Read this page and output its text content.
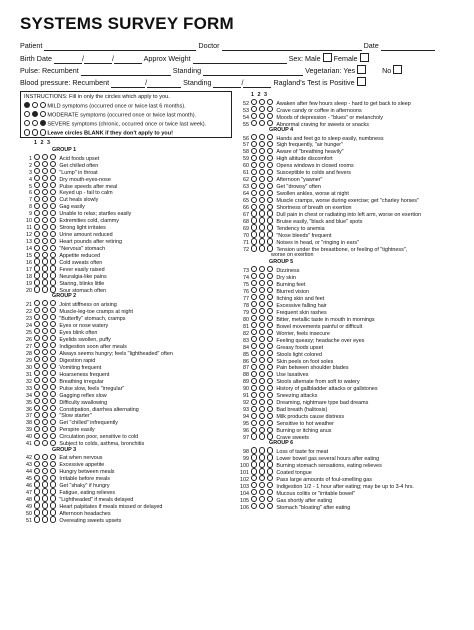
SYSTEMS SURVEY FORM
Patient	Doctor	Date
Birth Date	/	/	Approx Weight	Sex: Male Female
Pulse: Recumbent	Standing	Vegetarian: Yes	No
Blood pressure: Recumbent	/	Standing	/	Ragland's Test is Positive
INSTRUCTIONS: Fill in only the circles which apply to you.
MILD symptoms (occurred once or twice last 6 months).
MODERATE symptoms (occurred once or twice last month).
SEVERE symptoms (chronic, occurred once or twice last week).
Leave circles BLANK if they don't apply to you!
1 2 3
GROUP 1
1	Acid foods upset
2	Get chilled often
3	"Lump" in throat
4	Dry mouth-eyes-nose
5	Pulse speeds after meal
6	Keyed up - fail to calm
7	Cut heals slowly
8	Gag easily
9	Unable to relax; startles easily
10	Extremities cold, clammy
11	Strong light irritates
12	Urine amount reduced
13	Heart pounds after retiring
14	"Nervous" stomach
15	Appetite reduced
16	Cold sweats often
17	Fever easily raised
18	Neuralgia-like pains
19	Staring, blinks little
20	Sour stomach often
GROUP 2
21	Joint stiffness on arising
22	Muscle-leg-toe cramps at night
23	"Butterfly" stomach, cramps
24	Eyes or nose watery
25	Eyes blink often
26	Eyelids swollen, puffy
27	Indigestion soon after meals
28	Always seems hungry; feels "lightheaded" often
29	Digestion rapid
30	Vomiting frequent
31	Hoarseness frequent
32	Breathing irregular
33	Pulse slow, feels "irregular"
34	Gagging reflex slow
35	Difficulty swallowing
36	Constipation, diarrhea alternating
37	"Slow starter"
38	Get "chilled" infrequently
39	Perspire easily
40	Circulation poor, sensitive to cold
41	Subject to colds, asthma, bronchitis
GROUP 3
42	Eat when nervous
43	Excessive appetite
44	Hungry between meals
45	Irritable before meals
46	Get "shaky" if hungry
47	Fatigue, eating relieves
48	"Lightheaded" if meals delayed
49	Heart palpitates if meals missed or delayed
50	Afternoon headaches
51	Overeating sweets upsets
1 2 3
52	Awaken after few hours sleep - hard to get back to sleep
53	Crave candy or coffee in afternoons
54	Moods of depression - "blues" or melancholy
55	Abnormal craving for sweets or snacks
GROUP 4
56	Hands and feet go to sleep easily, numbness
57	Sigh frequently, "air hunger"
58	Aware of "breathing heavily"
59	High altitude discomfort
60	Opens windows in closed rooms
61	Susceptible to colds and fevers
62	Afternoon "yawner"
63	Get "drowsy" often
64	Swollen ankles, worse at night
65	Muscle cramps, worse during exercise; get "charley horses"
66	Shortness of breath on exertion
67	Dull pain in chest or radiating into left arm, worse on exertion
68	Bruise easily, "black and blue" spots
69	Tendency to anemia
70	"Nose bleeds" frequent
71	Noises in head, or "ringing in ears"
72	Tension under the breastbone, or feeling of "tightness",
worse on exertion
GROUP 5
73	Dizziness
74	Dry skin
75	Burning feet
76	Blurred vision
77	Itching skin and feet
78	Excessive falling hair
79	Frequent skin rashes
80	Bitter, metallic taste in mouth in mornings
81	Bowel movements painful or difficult
82	Worrier, feels insecure
83	Feeling queasy; headache over eyes
84	Greasy foods upset
85	Stools light colored
86	Skin peels on foot soles
87	Pain between shoulder blades
88	Use laxatives
89	Stools alternate from soft to watery
90	History of gallbladder attacks or gallstones
91	Sneezing attacks
92	Dreaming, nightmare type bad dreams
93	Bad breath (halitosis)
94	Milk products cause distress
95	Sensitive to hot weather
96	Burning or itching anus
97	Crave sweets
GROUP 6
98	Loss of taste for meat
99	Lower bowel gas several hours after eating
100	Burning stomach sensations, eating relieves
101	Coated tongue
102	Pass large amounts of foul-smelling gas
103	Indigestion 1/2 - 1 hour after eating; may be up to 3-4 hrs.
104	Mucous colitis or "irritable bowel"
105	Gas shortly after eating
106	Stomach "bloating" after eating
